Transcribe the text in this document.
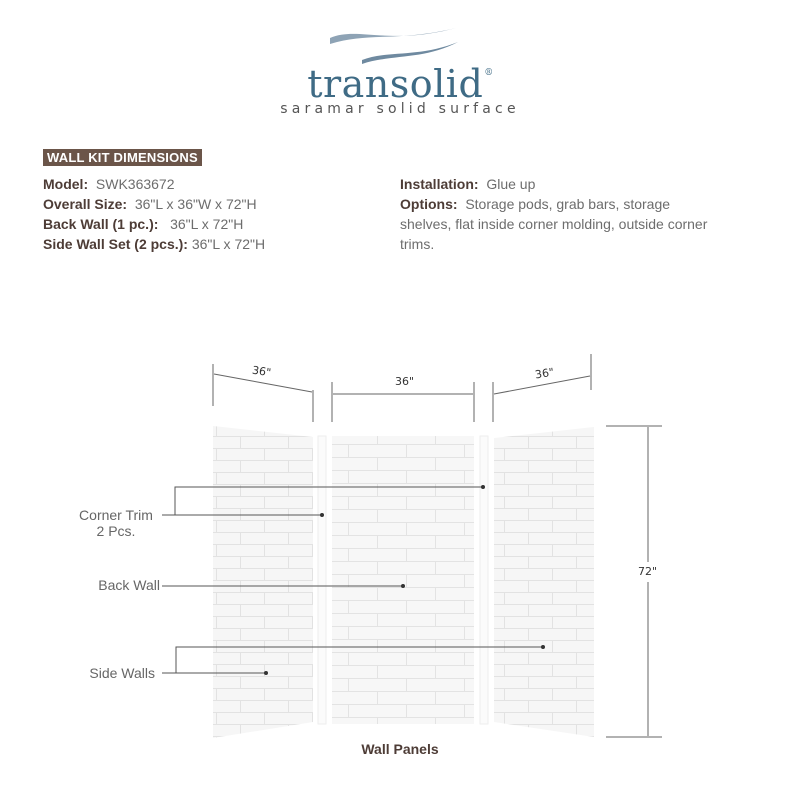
transolid®
saramar solid surface
WALL KIT DIMENSIONS
Model: SWK363672
Overall Size: 36"L x 36"W x 72"H
Back Wall (1 pc.): 36"L x 72"H
Side Wall Set (2 pcs.): 36"L x 72"H
Installation: Glue up
Options: Storage pods, grab bars, storage shelves, flat inside corner molding, outside corner trims.
36"
36"
36"
72"
Corner Trim
2 Pcs.
Back Wall
Side Walls
Wall Panels
